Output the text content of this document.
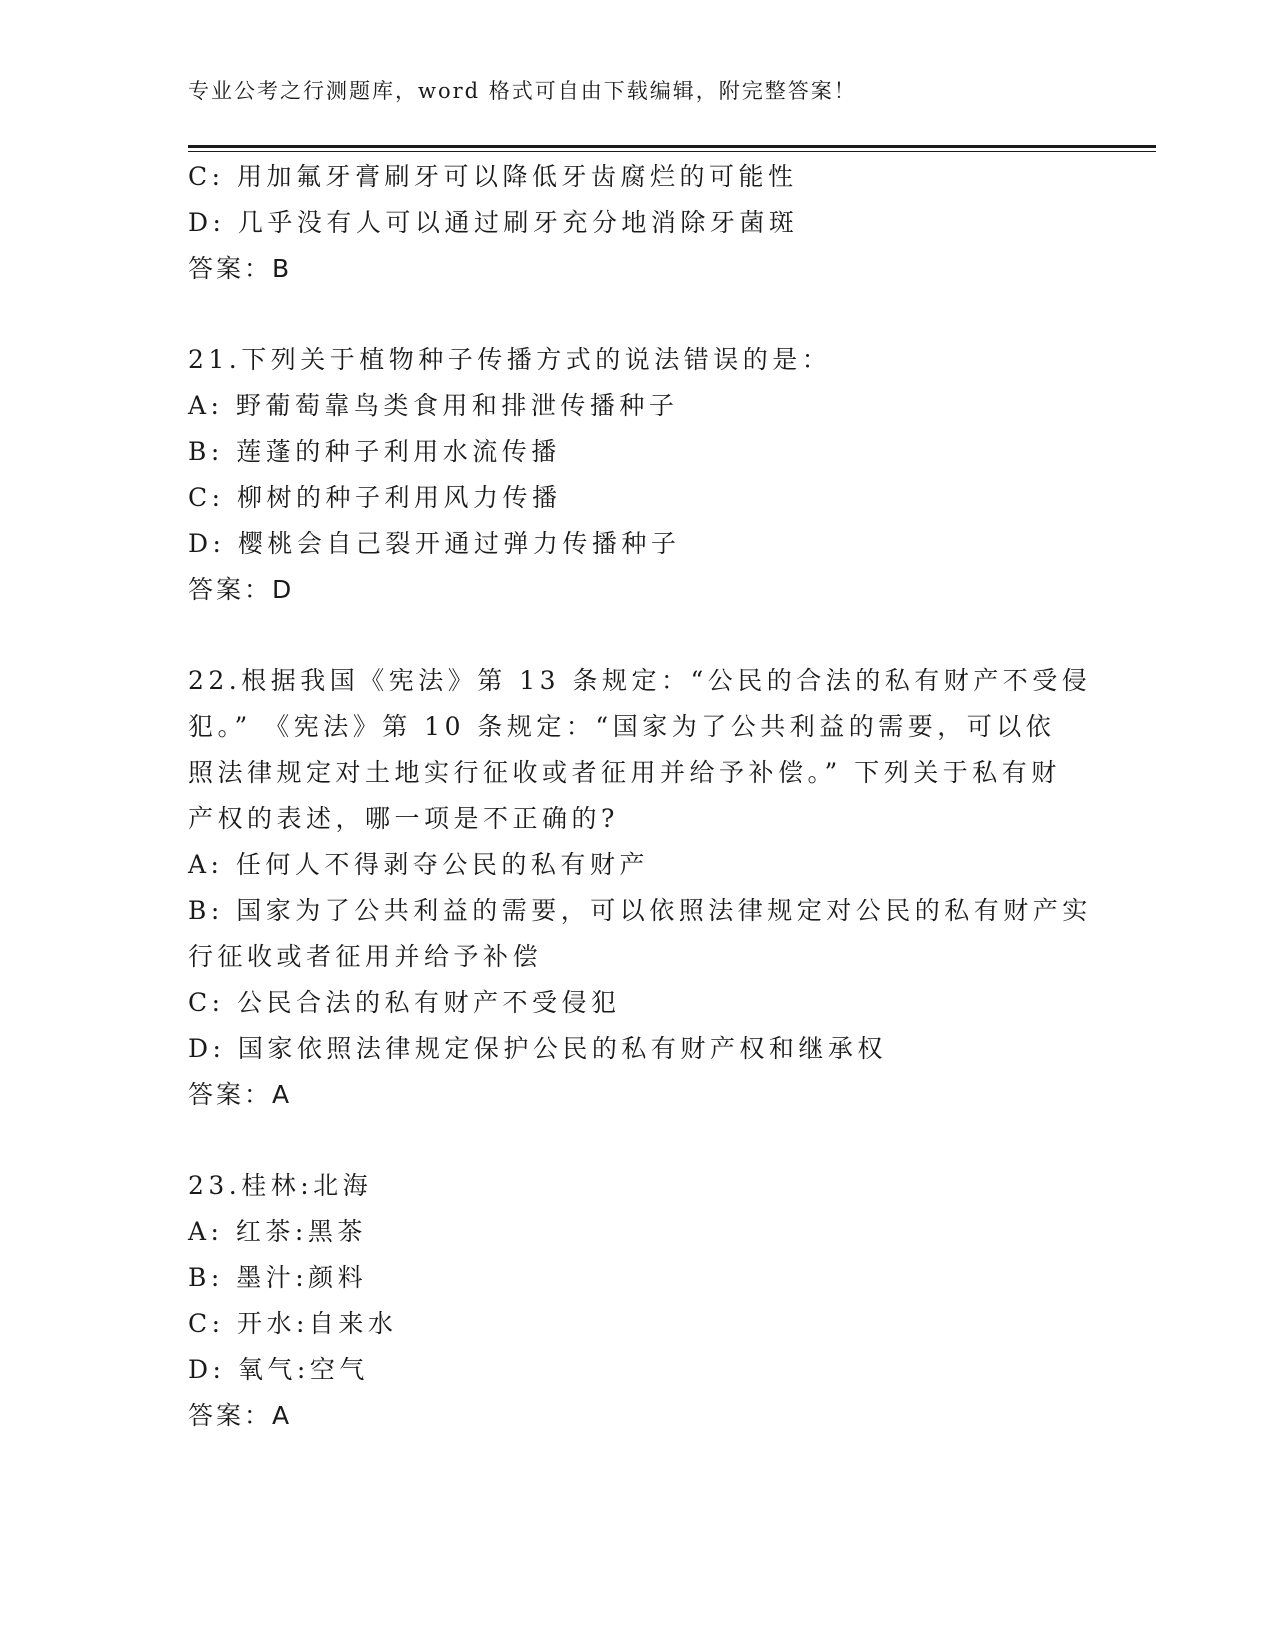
专业公考之行测题库，word 格式可自由下载编辑，附完整答案！
C: 用加氟牙膏刷牙可以降低牙齿腐烂的可能性
D: 几乎没有人可以通过刷牙充分地消除牙菌斑
答案：B
21.下列关于植物种子传播方式的说法错误的是：
A: 野葡萄靠鸟类食用和排泄传播种子
B: 莲蓬的种子利用水流传播
C: 柳树的种子利用风力传播
D: 樱桃会自己裂开通过弹力传播种子
答案：D
22.根据我国《宪法》第 13 条规定：“公民的合法的私有财产不受侵
犯。” 《宪法》第 10 条规定：“国家为了公共利益的需要，可以依
照法律规定对土地实行征收或者征用并给予补偿。” 下列关于私有财
产权的表述，哪一项是不正确的?
A: 任何人不得剥夺公民的私有财产
B: 国家为了公共利益的需要，可以依照法律规定对公民的私有财产实
行征收或者征用并给予补偿
C: 公民合法的私有财产不受侵犯
D: 国家依照法律规定保护公民的私有财产权和继承权
答案：A
23.桂林:北海
A: 红茶:黑茶
B: 墨汁:颜料
C: 开水:自来水
D: 氧气:空气
答案：A
